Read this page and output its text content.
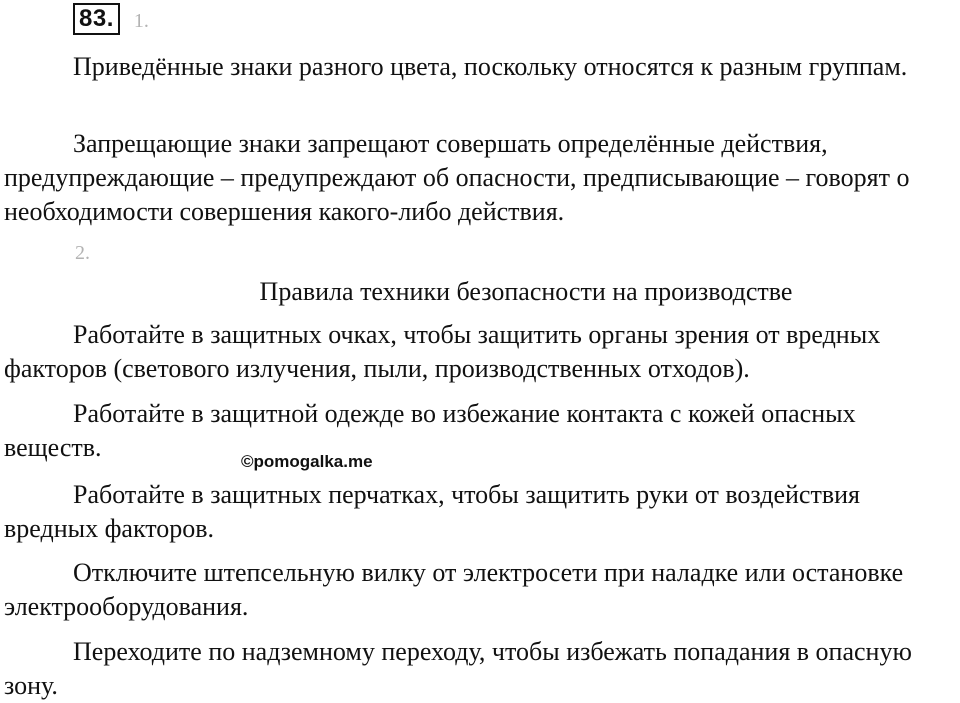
83.	1.

Приведённые знаки разного цвета, поскольку относятся к разным группам.

Запрещающие знаки запрещают совершать определённые действия, предупреждающие – предупреждают об опасности, предписывающие – говорят о необходимости совершения какого-либо действия.

2.

Правила техники безопасности на производстве

Работайте в защитных очках, чтобы защитить органы зрения от вредных факторов (светового излучения, пыли, производственных отходов).

Работайте в защитной одежде во избежание контакта с кожей опасных веществ.	©pomogalka.me

Работайте в защитных перчатках, чтобы защитить руки от воздействия вредных факторов.

Отключите штепсельную вилку от электросети при наладке или остановке электрооборудования.

Переходите по надземному переходу, чтобы избежать попадания в опасную зону.
